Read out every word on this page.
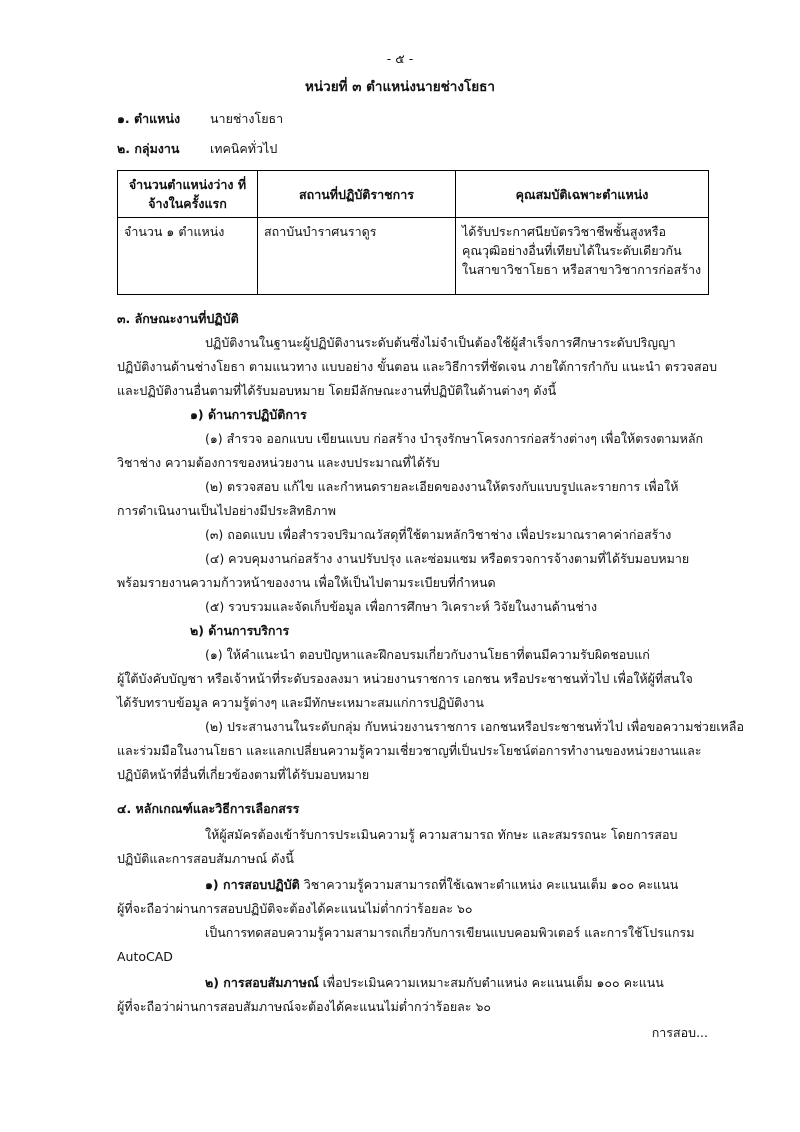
- ๕ -
หน่วยที่ ๓ ตำแหน่งนายช่างโยธา
๑. ตำแหน่ง นายช่างโยธา
๒. กลุ่มงาน เทคนิคทั่วไป
จำนวนตำแหน่งว่าง ที่จ้างในครั้งแรก	สถานที่ปฏิบัติราชการ	คุณสมบัติเฉพาะตำแหน่ง
จำนวน ๑ ตำแหน่ง	สถาบันบำราศนราดูร	ได้รับประกาศนียบัตรวิชาชีพชั้นสูงหรือ
คุณวุฒิอย่างอื่นที่เทียบได้ในระดับเดียวกัน
ในสาขาวิชาโยธา หรือสาขาวิชาการก่อสร้าง
๓. ลักษณะงานที่ปฏิบัติ
ปฏิบัติงานในฐานะผู้ปฏิบัติงานระดับต้นซึ่งไม่จำเป็นต้องใช้ผู้สำเร็จการศึกษาระดับปริญญา
ปฏิบัติงานด้านช่างโยธา ตามแนวทาง แบบอย่าง ขั้นตอน และวิธีการที่ชัดเจน ภายใต้การกำกับ แนะนำ ตรวจสอบ
และปฏิบัติงานอื่นตามที่ได้รับมอบหมาย โดยมีลักษณะงานที่ปฏิบัติในด้านต่างๆ ดังนี้
๑) ด้านการปฏิบัติการ
(๑) สำรวจ ออกแบบ เขียนแบบ ก่อสร้าง บำรุงรักษาโครงการก่อสร้างต่างๆ เพื่อให้ตรงตามหลัก
วิชาช่าง ความต้องการของหน่วยงาน และงบประมาณที่ได้รับ
(๒) ตรวจสอบ แก้ไข และกำหนดรายละเอียดของงานให้ตรงกับแบบรูปและรายการ เพื่อให้
การดำเนินงานเป็นไปอย่างมีประสิทธิภาพ
(๓) ถอดแบบ เพื่อสำรวจปริมาณวัสดุที่ใช้ตามหลักวิชาช่าง เพื่อประมาณราคาค่าก่อสร้าง
(๔) ควบคุมงานก่อสร้าง งานปรับปรุง และซ่อมแซม หรือตรวจการจ้างตามที่ได้รับมอบหมาย
พร้อมรายงานความก้าวหน้าของงาน เพื่อให้เป็นไปตามระเบียบที่กำหนด
(๕) รวบรวมและจัดเก็บข้อมูล เพื่อการศึกษา วิเคราะห์ วิจัยในงานด้านช่าง
๒) ด้านการบริการ
(๑) ให้คำแนะนำ ตอบปัญหาและฝึกอบรมเกี่ยวกับงานโยธาที่ตนมีความรับผิดชอบแก่
ผู้ใต้บังคับบัญชา หรือเจ้าหน้าที่ระดับรองลงมา หน่วยงานราชการ เอกชน หรือประชาชนทั่วไป เพื่อให้ผู้ที่สนใจ
ได้รับทราบข้อมูล ความรู้ต่างๆ และมีทักษะเหมาะสมแก่การปฏิบัติงาน
(๒) ประสานงานในระดับกลุ่ม กับหน่วยงานราชการ เอกชนหรือประชาชนทั่วไป เพื่อขอความช่วยเหลือ
และร่วมมือในงานโยธา และแลกเปลี่ยนความรู้ความเชี่ยวชาญที่เป็นประโยชน์ต่อการทำงานของหน่วยงานและ
ปฏิบัติหน้าที่อื่นที่เกี่ยวข้องตามที่ได้รับมอบหมาย
๔. หลักเกณฑ์และวิธีการเลือกสรร
ให้ผู้สมัครต้องเข้ารับการประเมินความรู้ ความสามารถ ทักษะ และสมรรถนะ โดยการสอบ
ปฏิบัติและการสอบสัมภาษณ์ ดังนี้
๑) การสอบปฏิบัติ วิชาความรู้ความสามารถที่ใช้เฉพาะตำแหน่ง คะแนนเต็ม ๑๐๐ คะแนน
ผู้ที่จะถือว่าผ่านการสอบปฏิบัติจะต้องได้คะแนนไม่ต่ำกว่าร้อยละ ๖๐
เป็นการทดสอบความรู้ความสามารถเกี่ยวกับการเขียนแบบคอมพิวเตอร์ และการใช้โปรแกรม
AutoCAD
๒) การสอบสัมภาษณ์ เพื่อประเมินความเหมาะสมกับตำแหน่ง คะแนนเต็ม ๑๐๐ คะแนน
ผู้ที่จะถือว่าผ่านการสอบสัมภาษณ์จะต้องได้คะแนนไม่ต่ำกว่าร้อยละ ๖๐
การสอบ...
